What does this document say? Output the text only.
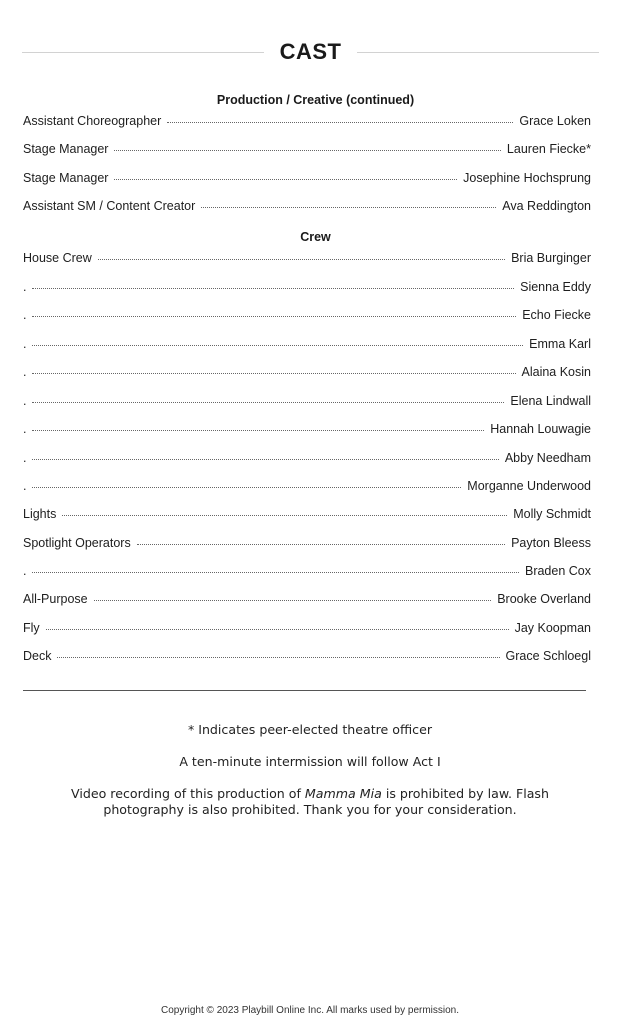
CAST
Production / Creative (continued)
Assistant Choreographer	Grace Loken
Stage Manager	Lauren Fiecke*
Stage Manager	Josephine Hochsprung
Assistant SM / Content Creator	Ava Reddington
Crew
House Crew	Bria Burginger
.	Sienna Eddy
.	Echo Fiecke
.	Emma Karl
.	Alaina Kosin
.	Elena Lindwall
.	Hannah Louwagie
.	Abby Needham
.	Morganne Underwood
Lights	Molly Schmidt
Spotlight Operators	Payton Bleess
.	Braden Cox
All-Purpose	Brooke Overland
Fly	Jay Koopman
Deck	Grace Schloegl
* Indicates peer-elected theatre officer
A ten-minute intermission will follow Act I
Video recording of this production of Mamma Mia is prohibited by law. Flash
photography is also prohibited. Thank you for your consideration.
Copyright © 2023 Playbill Online Inc. All marks used by permission.
